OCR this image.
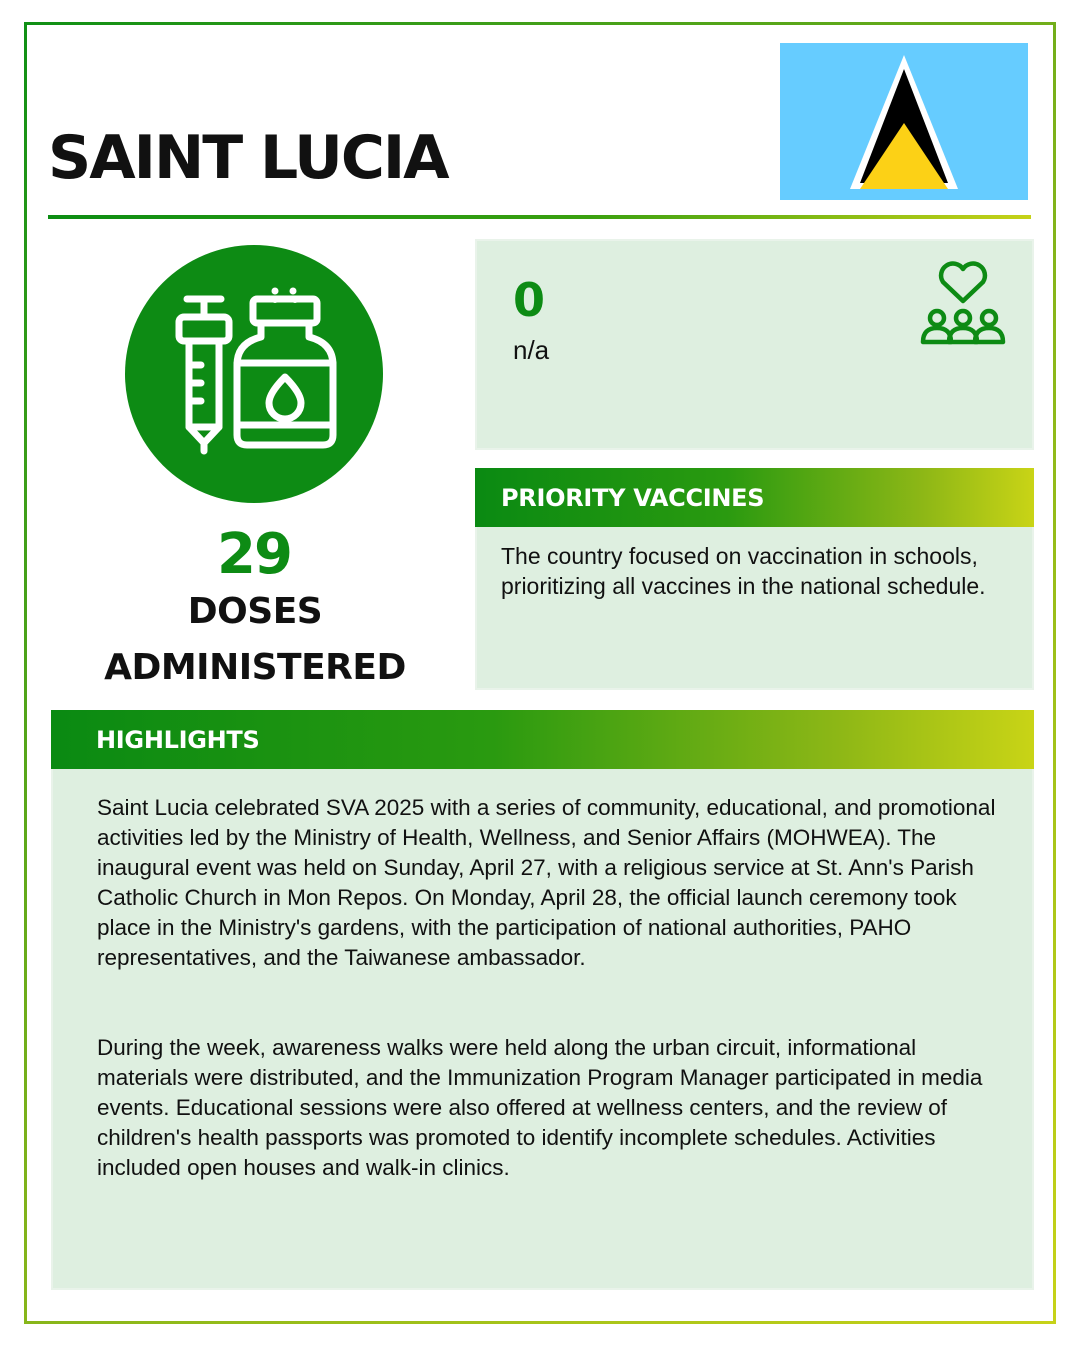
SAINT LUCIA
29
DOSES
ADMINISTERED
0
n/a
PRIORITY VACCINES

The country focused on vaccination in schools, prioritizing all vaccines in the national schedule.

HIGHLIGHTS

Saint Lucia celebrated SVA 2025 with a series of community, educational, and promotional activities led by the Ministry of Health, Wellness, and Senior Affairs (MOHWEA). The inaugural event was held on Sunday, April 27, with a religious service at St. Ann's Parish Catholic Church in Mon Repos. On Monday, April 28, the official launch ceremony took place in the Ministry's gardens, with the participation of national authorities, PAHO representatives, and the Taiwanese ambassador.

During the week, awareness walks were held along the urban circuit, informational materials were distributed, and the Immunization Program Manager participated in media events. Educational sessions were also offered at wellness centers, and the review of children's health passports was promoted to identify incomplete schedules. Activities included open houses and walk-in clinics.
